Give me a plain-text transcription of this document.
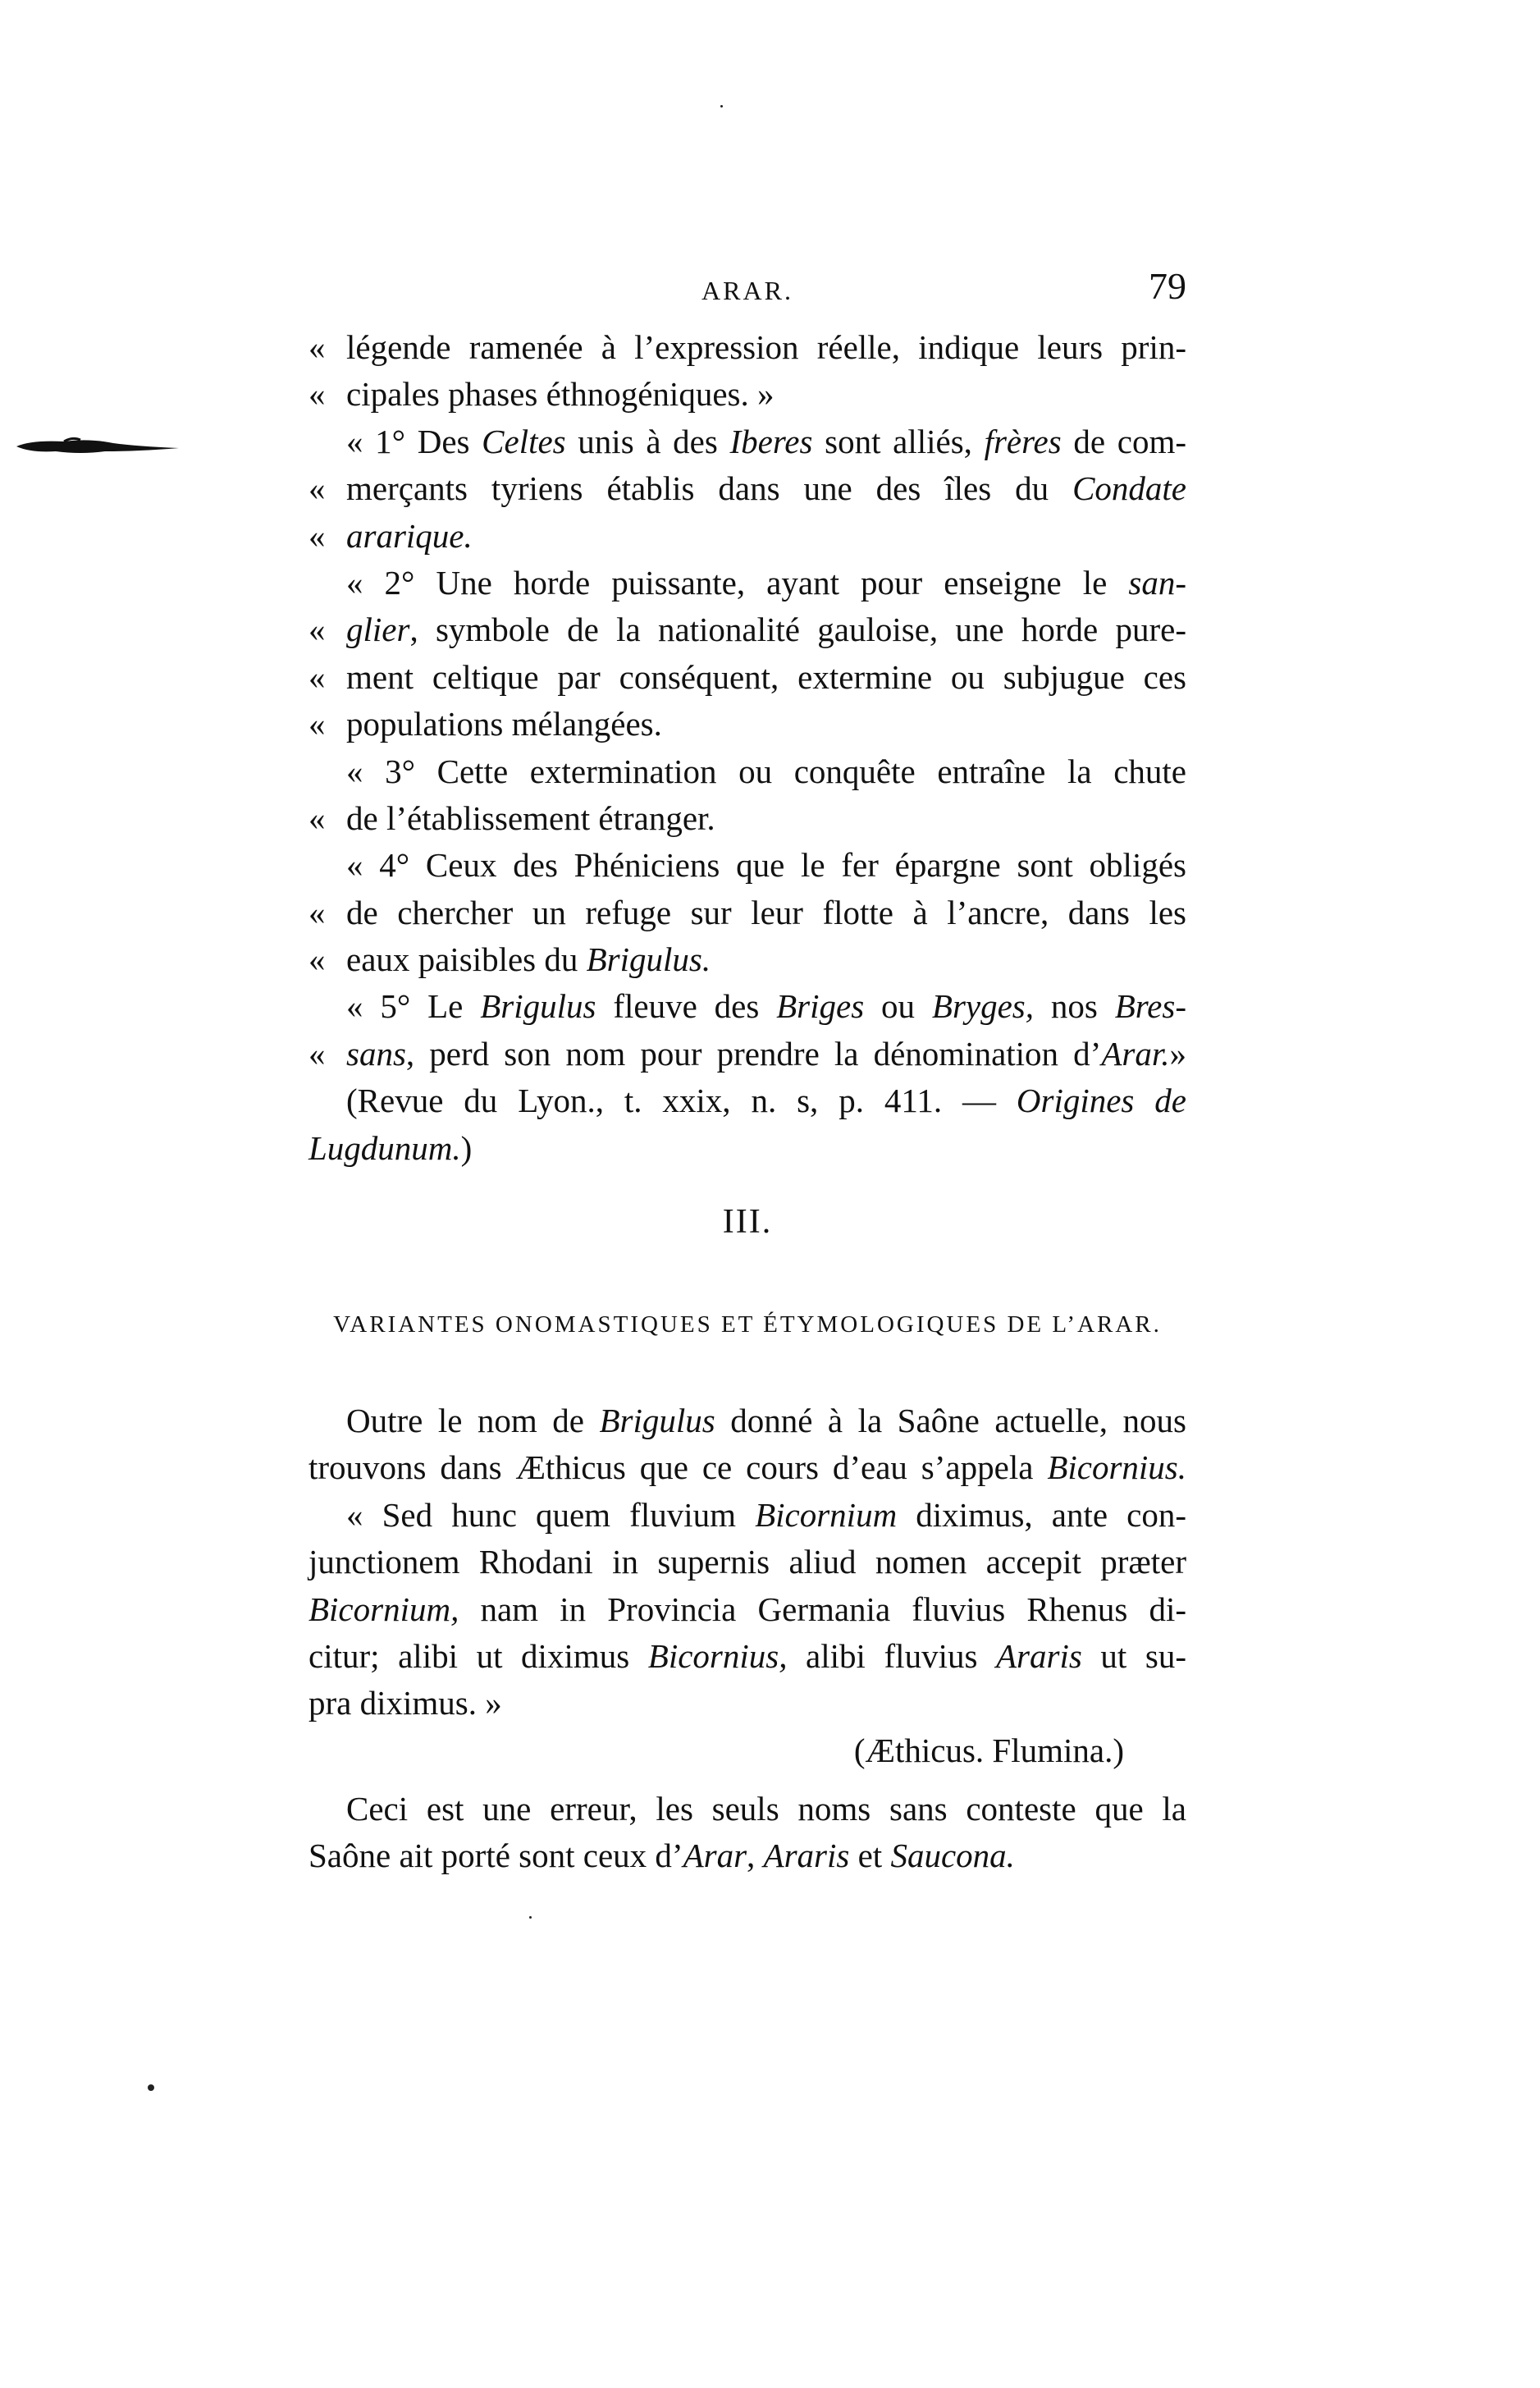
ARAR.	79
« légende ramenée à l’expression réelle, indique leurs prin-
« cipales phases éthnogéniques. »
« 1° Des Celtes unis à des Iberes sont alliés, frères de com-
« merçants tyriens établis dans une des îles du Condate
« ararique.
« 2° Une horde puissante, ayant pour enseigne le san-
« glier, symbole de la nationalité gauloise, une horde pure-
« ment celtique par conséquent, extermine ou subjugue ces
« populations mélangées.
« 3° Cette extermination ou conquête entraîne la chute
« de l’établissement étranger.
« 4° Ceux des Phéniciens que le fer épargne sont obligés
« de chercher un refuge sur leur flotte à l’ancre, dans les
« eaux paisibles du Brigulus.
« 5° Le Brigulus fleuve des Briges ou Bryges, nos Bres-
« sans, perd son nom pour prendre la dénomination d’Arar.»
(Revue du Lyon., t. xxix, n. s, p. 411. — Origines de
Lugdunum.)
III.
VARIANTES ONOMASTIQUES ET ÉTYMOLOGIQUES DE L’ARAR.
Outre le nom de Brigulus donné à la Saône actuelle, nous
trouvons dans Æthicus que ce cours d’eau s’appela Bicornius.
« Sed hunc quem fluvium Bicornium diximus, ante con-
junctionem Rhodani in supernis aliud nomen accepit præter
Bicornium, nam in Provincia Germania fluvius Rhenus di-
citur; alibi ut diximus Bicornius, alibi fluvius Araris ut su-
pra diximus. »
(Æthicus. Flumina.)
Ceci est une erreur, les seuls noms sans conteste que la
Saône ait porté sont ceux d’Arar, Araris et Saucona.
